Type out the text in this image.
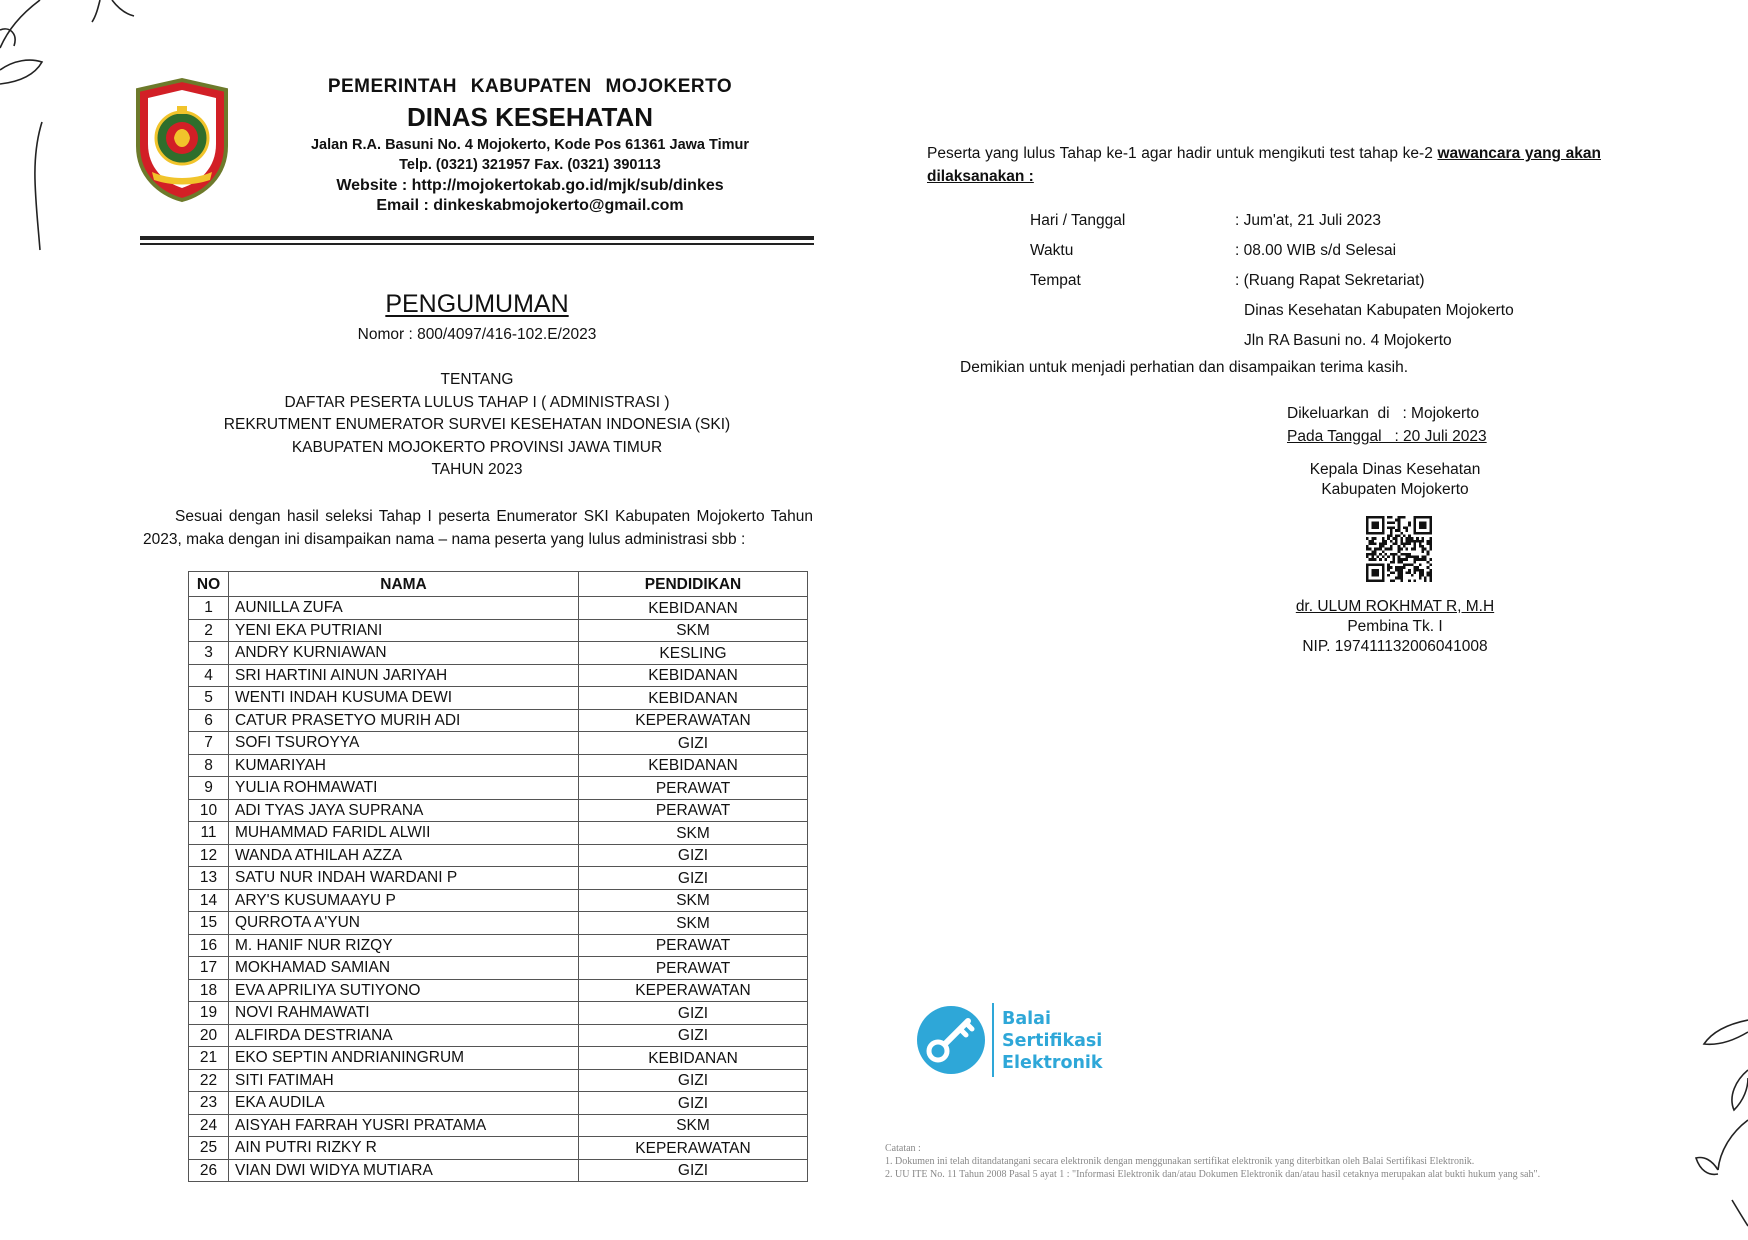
PEMERINTAH KABUPATEN MOJOKERTO
DINAS KESEHATAN
Jalan R.A. Basuni No. 4 Mojokerto, Kode Pos 61361 Jawa Timur
Telp. (0321) 321957 Fax. (0321) 390113
Website : http://mojokertokab.go.id/mjk/sub/dinkes
Email : dinkeskabmojokerto@gmail.com
PENGUMUMAN
Nomor : 800/4097/416-102.E/2023
TENTANG
DAFTAR PESERTA LULUS TAHAP I ( ADMINISTRASI )
REKRUTMENT ENUMERATOR SURVEI KESEHATAN INDONESIA (SKI)
KABUPATEN MOJOKERTO PROVINSI JAWA TIMUR
TAHUN 2023
Sesuai dengan hasil seleksi Tahap I peserta Enumerator SKI Kabupaten Mojokerto Tahun 2023, maka dengan ini disampaikan nama – nama peserta yang lulus administrasi sbb :
NO	NAMA	PENDIDIKAN
1	AUNILLA ZUFA	KEBIDANAN
2	YENI EKA PUTRIANI	SKM
3	ANDRY KURNIAWAN	KESLING
4	SRI HARTINI AINUN JARIYAH	KEBIDANAN
5	WENTI INDAH KUSUMA DEWI	KEBIDANAN
6	CATUR PRASETYO MURIH ADI	KEPERAWATAN
7	SOFI TSUROYYA	GIZI
8	KUMARIYAH	KEBIDANAN
9	YULIA ROHMAWATI	PERAWAT
10	ADI TYAS JAYA SUPRANA	PERAWAT
11	MUHAMMAD FARIDL ALWII	SKM
12	WANDA ATHILAH AZZA	GIZI
13	SATU NUR INDAH WARDANI P	GIZI
14	ARY'S KUSUMAAYU P	SKM
15	QURROTA A'YUN	SKM
16	M. HANIF NUR RIZQY	PERAWAT
17	MOKHAMAD SAMIAN	PERAWAT
18	EVA APRILIYA SUTIYONO	KEPERAWATAN
19	NOVI RAHMAWATI	GIZI
20	ALFIRDA DESTRIANA	GIZI
21	EKO SEPTIN ANDRIANINGRUM	KEBIDANAN
22	SITI FATIMAH	GIZI
23	EKA AUDILA	GIZI
24	AISYAH FARRAH YUSRI PRATAMA	SKM
25	AIN PUTRI RIZKY R	KEPERAWATAN
26	VIAN DWI WIDYA MUTIARA	GIZI
Peserta yang lulus Tahap ke-1 agar hadir untuk mengikuti test tahap ke-2 wawancara yang akan dilaksanakan :
Hari / Tanggal	: Jum'at, 21 Juli 2023
Waktu	: 08.00 WIB s/d Selesai
Tempat	: (Ruang Rapat Sekretariat)
Dinas Kesehatan Kabupaten Mojokerto
Jln RA Basuni no. 4 Mojokerto
Demikian untuk menjadi perhatian dan disampaikan terima kasih.
Dikeluarkan  di   : Mojokerto
Pada Tanggal   : 20 Juli 2023
Kepala Dinas Kesehatan
Kabupaten Mojokerto
dr. ULUM ROKHMAT R, M.H
Pembina Tk. I
NIP. 197411132006041008
Balai
Sertifikasi
Elektronik
Catatan :
1. Dokumen ini telah ditandatangani secara elektronik dengan menggunakan sertifikat elektronik yang diterbitkan oleh Balai Sertifikasi Elektronik.
2. UU ITE No. 11 Tahun 2008 Pasal 5 ayat 1 : "Informasi Elektronik dan/atau Dokumen Elektronik dan/atau hasil cetaknya merupakan alat bukti hukum yang sah".
